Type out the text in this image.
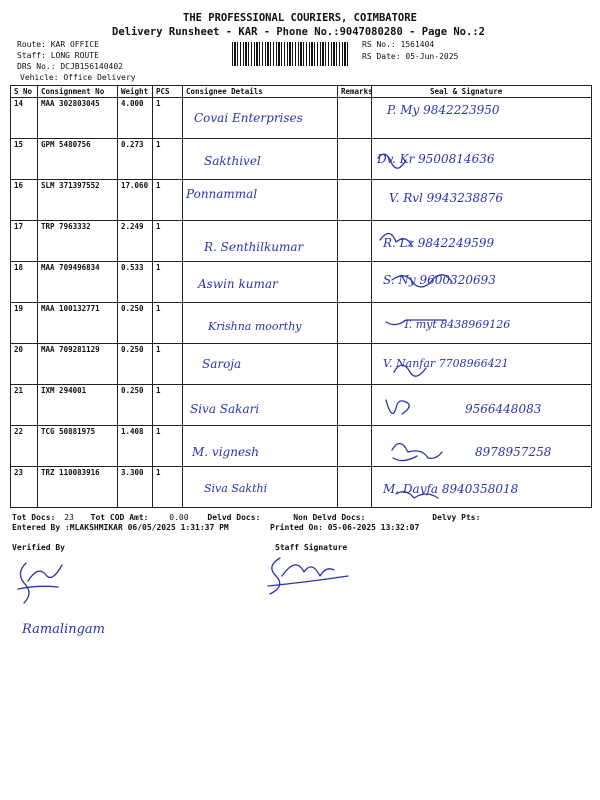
THE PROFESSIONAL COURIERS, COIMBATORE
Delivery Runsheet - KAR - Phone No.:9047080280 - Page No.:2
Route: KAR OFFICE
Staff: LONG ROUTE
DRS No.: DCJB156140402
Vehicle: Office Delivery
RS No.: 1561404
RS Date: 05-Jun-2025
S No	Consignment No	Weight	PCS	Consignee Details	Remarks	Seal & Signature
14	MAA 302803045	4.000	1	Covai Enterprises		P. My 9842223950
15	GPM 5480756	0.273	1	Sakthivel		Dv. Kr 9500814636
16	SLM 371397552	17.060	1	Ponnammal		V. Rvl 9943238876
17	TRP 7963332	2.249	1	R. Senthilkumar		R. Lz 9842249599
18	MAA 709496834	0.533	1	Aswin kumar		S. Ny 9600320693
19	MAA 100132771	0.250	1	Krishna moorthy		T. myt 8438969126
20	MAA 709281129	0.250	1	Saroja		V. Nanfar 7708966421
21	IXM 294001	0.250	1	Siva Sakari		9566448083
22	TCG 50881975	1.408	1	M. vignesh		8978957258
23	TRZ 110083916	3.300	1	Siva Sakthi		M. Dayfa 8940358018
Tot Docs: 23 Tot COD Amt:	0.00 Delvd Docs:	Non Delvd Docs:	Delvy Pts:
Entered By :MLAKSHMIKAR 06/05/2025 1:31:37 PM	Printed On: 05-06-2025 13:32:07
Verified By	Staff Signature
Ramalingam
